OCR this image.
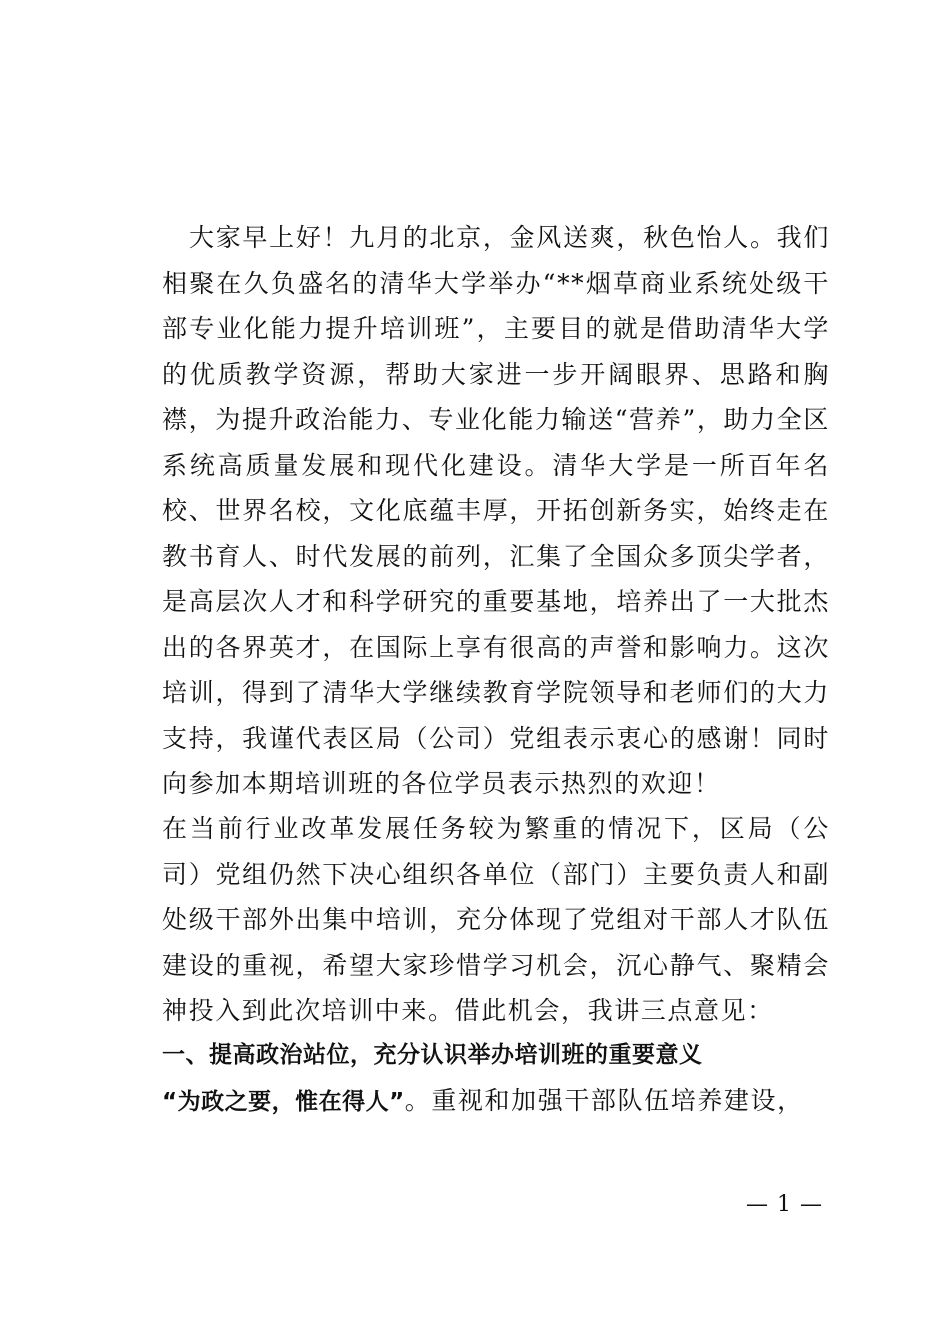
大家早上好！九月的北京，金风送爽，秋色怡人。我们相聚在久负盛名的清华大学举办“**烟草商业系统处级干部专业化能力提升培训班”，主要目的就是借助清华大学的优质教学资源，帮助大家进一步开阔眼界、思路和胸襟，为提升政治能力、专业化能力输送“营养”，助力全区系统高质量发展和现代化建设。清华大学是一所百年名校、世界名校，文化底蕴丰厚，开拓创新务实，始终走在教书育人、时代发展的前列，汇集了全国众多顶尖学者，是高层次人才和科学研究的重要基地，培养出了一大批杰出的各界英才，在国际上享有很高的声誉和影响力。这次培训，得到了清华大学继续教育学院领导和老师们的大力支持，我谨代表区局（公司）党组表示衷心的感谢！同时向参加本期培训班的各位学员表示热烈的欢迎！

在当前行业改革发展任务较为繁重的情况下，区局（公司）党组仍然下决心组织各单位（部门）主要负责人和副处级干部外出集中培训，充分体现了党组对干部人才队伍建设的重视，希望大家珍惜学习机会，沉心静气、聚精会神投入到此次培训中来。借此机会，我讲三点意见：

一、提高政治站位，充分认识举办培训班的重要意义

“为政之要，惟在得人”。重视和加强干部队伍培养建设，

— 1 —
